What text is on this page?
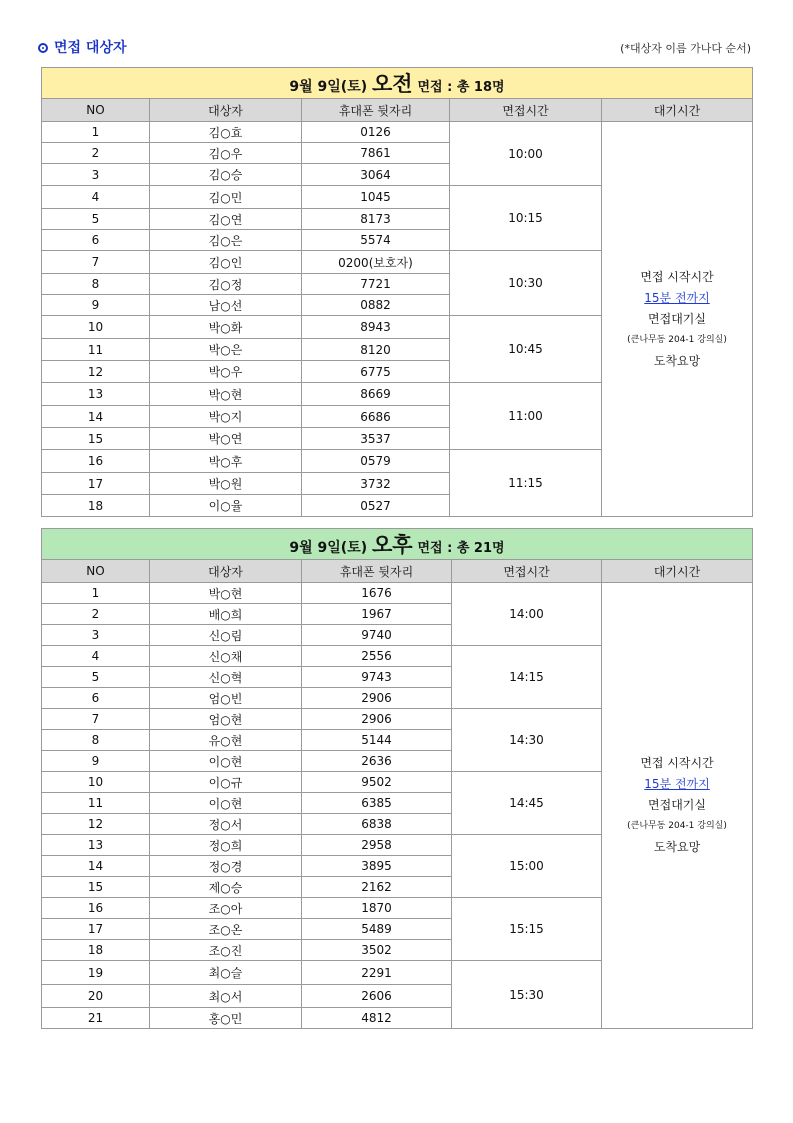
면접 대상자	(*대상자 이름 가나다 순서)
9월 9일(토) 오전 면접 : 총 18명				
NO	대상자	휴대폰 뒷자리	면접시간	대기시간
1	김○효	0126	10:00	면접 시작시간
15분 전까지
면접대기실
(큰나무동 204-1 강의실)
도착요망

2	김○우	7861		
3	김○승	3064		
4	김○민	1045	10:15	
5	김○연	8173		
6	김○은	5574		
7	김○인	0200(보호자)	10:30	
8	김○정	7721		
9	남○선	0882		
10	박○화	8943	10:45	
11	박○은	8120		
12	박○우	6775		
13	박○현	8669	11:00	
14	박○지	6686		
15	박○연	3537		
16	박○후	0579	11:15	
17	박○원	3732		
18	이○율	0527		
9월 9일(토) 오후 면접 : 총 21명				
NO	대상자	휴대폰 뒷자리	면접시간	대기시간
1	박○현	1676	14:00	면접 시작시간
15분 전까지
면접대기실
(큰나무동 204-1 강의실)
도착요망

2	배○희	1967		
3	신○림	9740		
4	신○채	2556	14:15	
5	신○혁	9743		
6	엄○빈	2906		
7	엄○현	2906	14:30	
8	유○현	5144		
9	이○현	2636		
10	이○규	9502	14:45	
11	이○현	6385		
12	정○서	6838		
13	정○희	2958	15:00	
14	정○경	3895		
15	제○승	2162		
16	조○아	1870	15:15	
17	조○온	5489		
18	조○진	3502		
19	최○슬	2291	15:30	
20	최○서	2606		
21	홍○민	4812		
